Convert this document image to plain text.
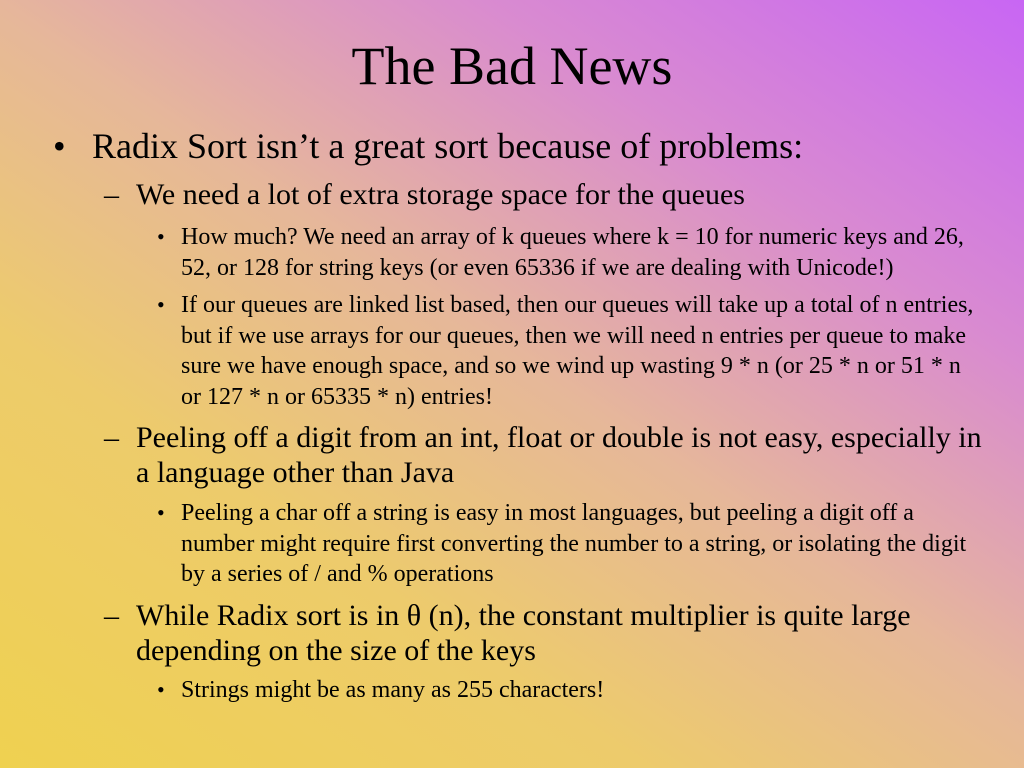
The Bad News
• Radix Sort isn’t a great sort because of problems:
– We need a lot of extra storage space for the queues
• How much? We need an array of k queues where k = 10 for numeric keys and 26, 52, or 128 for string keys (or even 65336 if we are dealing with Unicode!)
• If our queues are linked list based, then our queues will take up a total of n entries, but if we use arrays for our queues, then we will need n entries per queue to make sure we have enough space, and so we wind up wasting 9 * n (or 25 * n or 51 * n or 127 * n or 65335 * n) entries!
– Peeling off a digit from an int, float or double is not easy, especially in a language other than Java
• Peeling a char off a string is easy in most languages, but peeling a digit off a number might require first converting the number to a string, or isolating the digit by a series of / and % operations
– While Radix sort is in θ (n), the constant multiplier is quite large depending on the size of the keys
• Strings might be as many as 255 characters!
